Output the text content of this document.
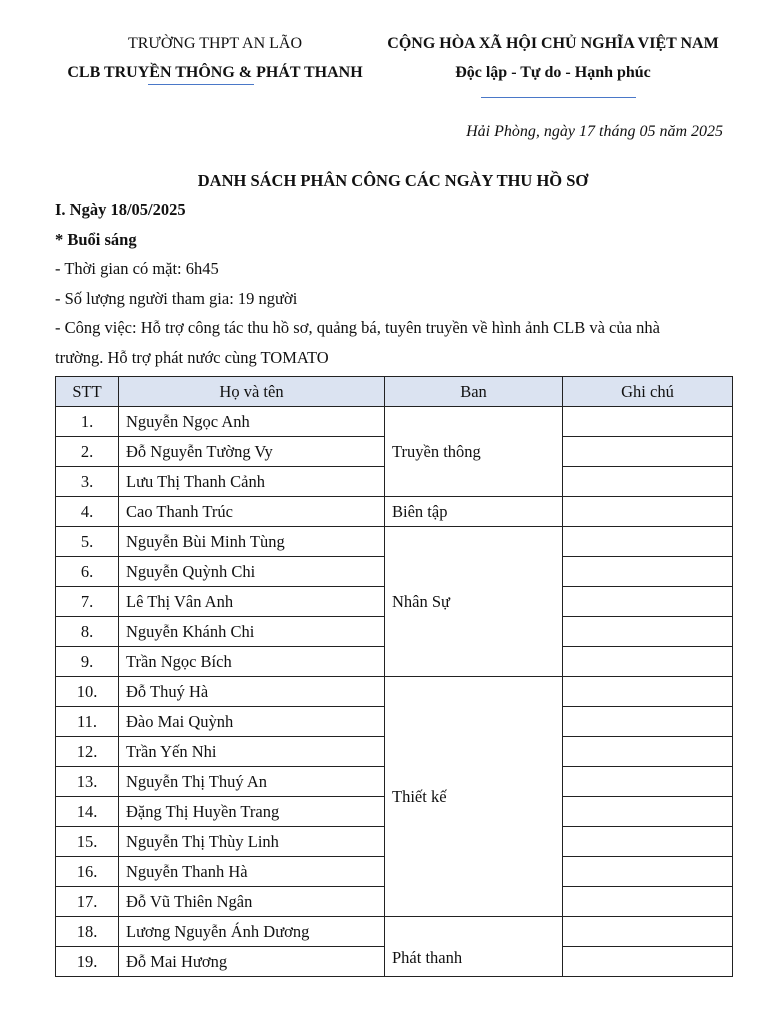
TRƯỜNG THPT AN LÃO
CLB TRUYỀN THÔNG & PHÁT THANH
CỘNG HÒA XÃ HỘI CHỦ NGHĨA VIỆT NAM
Độc lập - Tự do - Hạnh phúc
Hải Phòng, ngày 17 tháng 05 năm 2025
DANH SÁCH PHÂN CÔNG CÁC NGÀY THU HỒ SƠ
I. Ngày 18/05/2025
* Buổi sáng
- Thời gian có mặt: 6h45
- Số lượng người tham gia: 19 người
- Công việc: Hỗ trợ công tác thu hồ sơ, quảng bá, tuyên truyền về hình ảnh CLB và của nhà
trường. Hỗ trợ phát nước cùng TOMATO
STT	Họ và tên	Ban	Ghi chú
1.	Nguyễn Ngọc Anh	Truyền thông	
2.	Đỗ Nguyễn Tường Vy		
3.	Lưu Thị Thanh Cảnh		
4.	Cao Thanh Trúc	Biên tập	
5.	Nguyễn Bùi Minh Tùng	Nhân Sự	
6.	Nguyễn Quỳnh Chi		
7.	Lê Thị Vân Anh		
8.	Nguyễn Khánh Chi		
9.	Trần Ngọc Bích		
10.	Đỗ Thuý Hà	Thiết kế	
11.	Đào Mai Quỳnh		
12.	Trần Yến Nhi		
13.	Nguyễn Thị Thuý An		
14.	Đặng Thị Huyền Trang		
15.	Nguyễn Thị Thùy Linh		
16.	Nguyễn Thanh Hà		
17.	Đỗ Vũ Thiên Ngân		
18.	Lương Nguyễn Ánh Dương	Phát thanh	
19.	Đỗ Mai Hương		
